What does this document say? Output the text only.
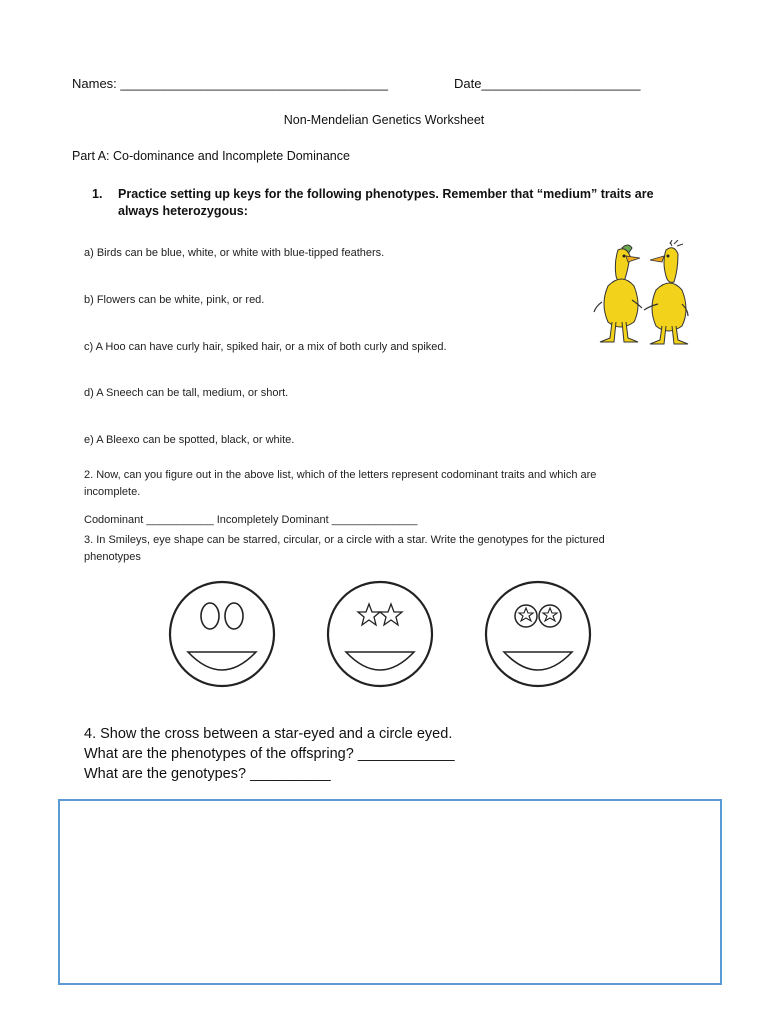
Names: _____________________________________	Date______________________
Non-Mendelian Genetics Worksheet
Part A: Co-dominance and Incomplete Dominance
1. Practice setting up keys for the following phenotypes. Remember that “medium” traits are always heterozygous:
a) Birds can be blue, white, or white with blue-tipped feathers.
b) Flowers can be white, pink, or red.
c) A Hoo can have curly hair, spiked hair, or a mix of both curly and spiked.
d) A Sneech can be tall, medium, or short.
e) A Bleexo can be spotted, black, or white.
2. Now, can you figure out in the above list, which of the letters represent codominant traits and which are incomplete.
Codominant ___________ Incompletely Dominant ______________
3. In Smileys, eye shape can be starred, circular, or a circle with a star. Write the genotypes for the pictured phenotypes
4. Show the cross between a star-eyed and a circle eyed.
What are the phenotypes of the offspring? ____________
What are the genotypes? __________
